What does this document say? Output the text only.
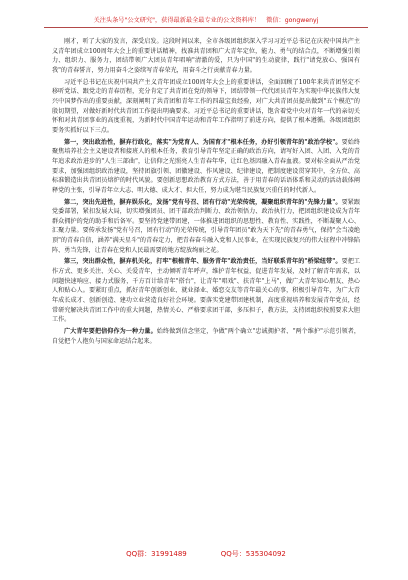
关注头条号"公文研究"，获得最新最全最专业的公文资料库！ 微信：gongwenyj

刚才，听了大家的发言，深受启发。这段时间以来，全市各级团组织深入学习习近平总书记在庆祝中国共产主义青年团成立100周年大会上的重要讲话精神，找准共青团和广大青年定位，能力、勇气的结合点，不断增强引领力、组织力、服务力，团结带领广大团员青年唱响"清澈的爱，只为中国"的生动旋律，践行"请党放心、强国有我"的青春誓言，努力用奋斗之姿续写青春荣光，用奋斗之行贡献青春力量。

习近平总书记在庆祝中国共产主义青年团成立100周年大会上的重要讲话，全面回顾了100年来共青团坚定不移听党话、跟党走的青春历程，充分肯定了共青团在党的领导下，团结带领一代代团员青年为实现中华民族伟大复兴中国梦作出的重要贡献，深刻阐明了共青团和青年工作的四最宝贵经验，对广大共青团员提出做到"五个模范"的殷切期望，对做好新时代共青团工作提出明确要求。习近平总书记的重要讲话，饱含着党中央对青年一代的亲切关怀和对共青团事业的高度重视，为新时代中国青年运动和青年工作指明了前进方向，提供了根本遵循。各级团组织要务实抓好以下三点。

第一，突出政治性，摒弃行政化，落实"为党育人、为国育才"根本任务，办好引领青年的"政治学校"。要始终聚焦培养社会主义建设者和接班人的根本任务，教育引导青年坚定正确的政治方向，请写好入团、入团、入党的青年追求政治进步的"人生三部曲"，让信仰之光照亮人生青春年华，让红色基因融入青春血液。要对标全面从严治党要求，加强团组织政治建设，坚持团旗引领、团徽建设、作风建设、纪律建设，把制度建设贯穿其中，全方位、高标准锻造出共青团员熔炉的时代风貌。要创新思想政治教育方式方法，善于用青春的话语体系和灵动的活动载体阐释党的主张，引导青年立大志、明大德、成大才、担大任，努力成为堪当民族复兴重任的时代新人。

第二，突出先进性，摒弃娱乐化，发扬"党有号召、团有行动"光荣传统，凝聚组织青年的"先锋力量"。要紧跟党委部署，紧扣发展大局，切实增强团员、团干部政治判断力、政治领悟力、政治执行力，把团组织建设成为青年群众拥护的党的助手和后备军。要坚持党建带团建，一体推进团组织的思想性、教育性、实践性，不断凝聚人心、汇聚力量。要传承发扬"党有号召，团有行动"的光荣传统，引导青年团员"敢为天下先"的青春勇气，保持"会当凌绝顶"的青春自信，涵养"满天星斗"的青春定力，把青春奋斗融入党和人民事业，在实现民族复兴的伟大征程中冲锋陷阵、勇当先锋，让青春在党和人民最需要的地方绽放绚丽之花。

第三，突出群众性，摒弃机关化，打牢"根植青年、服务青年"政治责任，当好联系青年的"桥梁纽带"。要把工作方式、更多关注、关心、关爱青年，主动倾听青年呼声，维护青年权益，促进青年发展，及时了解青年需求，以问题快速响应、接力式服务，千方百计给青年"搭台"，让青年"唱戏"、扶青年"上马"，做广大青年知心朋友、热心人和贴心人。要紧盯重点，抓好青年创新创业、就业择业、婚恋交友等青年最关心的事，积极引导青年，为广大青年成长成才、创新创造、建功立业营造良好社会环境。要落实党建带团建机制，高度重视培养和发展青年党员，经常研究解决共青团工作中的重大问题，热情关心、严格要求团干部，多压担子，教方法，支持团组织按照要求大胆工作。

广大青年要把信仰作为一种力量。始终做到信念坚定，争做"两个确立"忠诚拥护者、"两个维护"示范引领者，自觉把个人抱负与国家命运结合起来。

QQ群：31991489	QQ号：535304092
